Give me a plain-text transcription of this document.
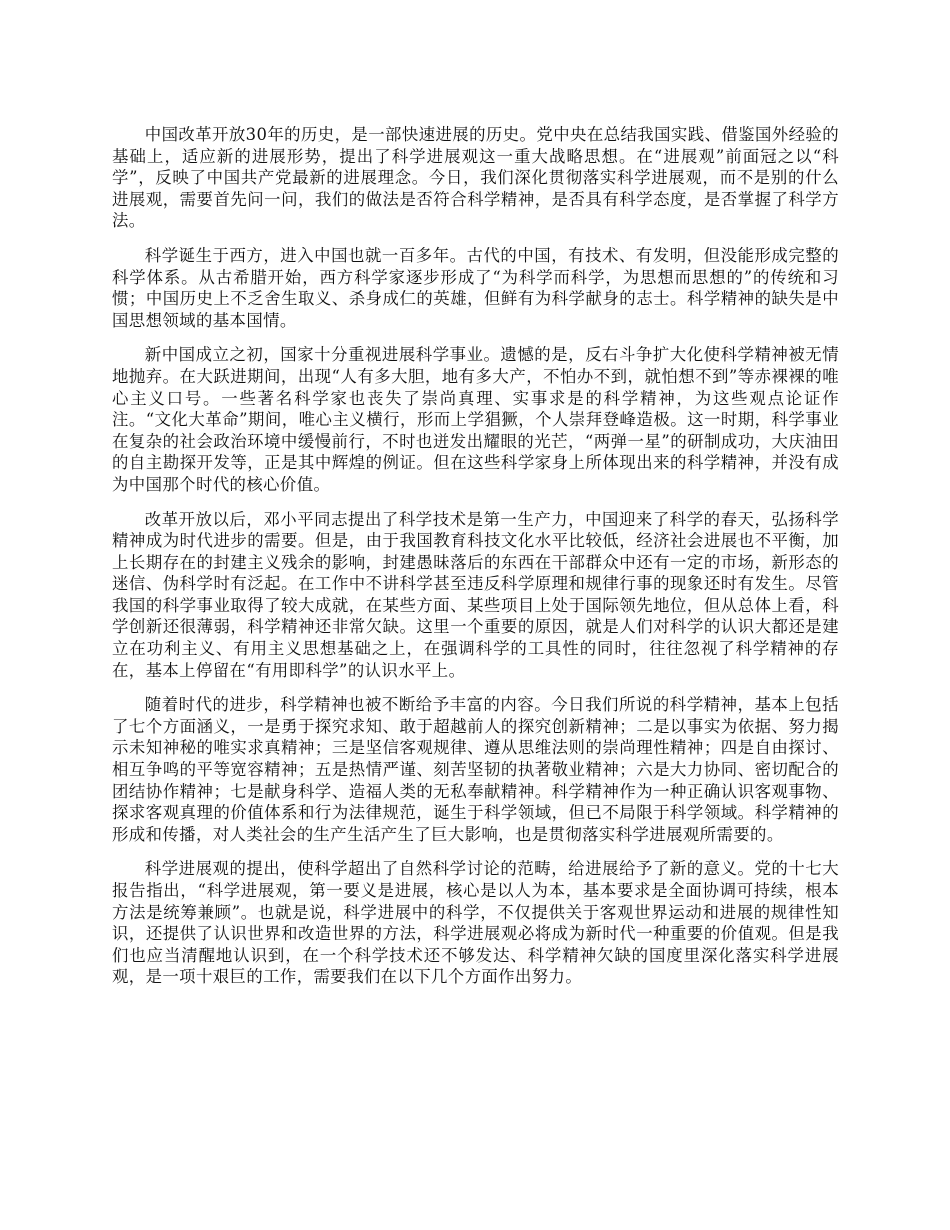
中国改革开放30年的历史，是一部快速进展的历史。党中央在总结我国实践、借鉴国外经验的基础上，适应新的进展形势，提出了科学进展观这一重大战略思想。在“进展观”前面冠之以“科学”，反映了中国共产党最新的进展理念。今日，我们深化贯彻落实科学进展观，而不是别的什么进展观，需要首先问一问，我们的做法是否符合科学精神，是否具有科学态度，是否掌握了科学方法。

科学诞生于西方，进入中国也就一百多年。古代的中国，有技术、有发明，但没能形成完整的科学体系。从古希腊开始，西方科学家逐步形成了“为科学而科学，为思想而思想的”的传统和习惯；中国历史上不乏舍生取义、杀身成仁的英雄，但鲜有为科学献身的志士。科学精神的缺失是中国思想领域的基本国情。

新中国成立之初，国家十分重视进展科学事业。遗憾的是，反右斗争扩大化使科学精神被无情地抛弃。在大跃进期间，出现“人有多大胆，地有多大产，不怕办不到，就怕想不到”等赤裸裸的唯心主义口号。一些著名科学家也丧失了崇尚真理、实事求是的科学精神，为这些观点论证作注。“文化大革命”期间，唯心主义横行，形而上学猖獗，个人崇拜登峰造极。这一时期，科学事业在复杂的社会政治环境中缓慢前行，不时也迸发出耀眼的光芒，“两弹一星”的研制成功，大庆油田的自主勘探开发等，正是其中辉煌的例证。但在这些科学家身上所体现出来的科学精神，并没有成为中国那个时代的核心价值。

改革开放以后，邓小平同志提出了科学技术是第一生产力，中国迎来了科学的春天，弘扬科学精神成为时代进步的需要。但是，由于我国教育科技文化水平比较低，经济社会进展也不平衡，加上长期存在的封建主义残余的影响，封建愚昧落后的东西在干部群众中还有一定的市场，新形态的迷信、伪科学时有泛起。在工作中不讲科学甚至违反科学原理和规律行事的现象还时有发生。尽管我国的科学事业取得了较大成就，在某些方面、某些项目上处于国际领先地位，但从总体上看，科学创新还很薄弱，科学精神还非常欠缺。这里一个重要的原因，就是人们对科学的认识大都还是建立在功利主义、有用主义思想基础之上，在强调科学的工具性的同时，往往忽视了科学精神的存在，基本上停留在“有用即科学”的认识水平上。

随着时代的进步，科学精神也被不断给予丰富的内容。今日我们所说的科学精神，基本上包括了七个方面涵义，一是勇于探究求知、敢于超越前人的探究创新精神；二是以事实为依据、努力揭示未知神秘的唯实求真精神；三是坚信客观规律、遵从思维法则的崇尚理性精神；四是自由探讨、相互争鸣的平等宽容精神；五是热情严谨、刻苦坚韧的执著敬业精神；六是大力协同、密切配合的团结协作精神；七是献身科学、造福人类的无私奉献精神。科学精神作为一种正确认识客观事物、探求客观真理的价值体系和行为法律规范，诞生于科学领域，但已不局限于科学领域。科学精神的形成和传播，对人类社会的生产生活产生了巨大影响，也是贯彻落实科学进展观所需要的。

科学进展观的提出，使科学超出了自然科学讨论的范畴，给进展给予了新的意义。党的十七大报告指出，“科学进展观，第一要义是进展，核心是以人为本，基本要求是全面协调可持续，根本方法是统筹兼顾”。也就是说，科学进展中的科学，不仅提供关于客观世界运动和进展的规律性知识，还提供了认识世界和改造世界的方法，科学进展观必将成为新时代一种重要的价值观。但是我们也应当清醒地认识到，在一个科学技术还不够发达、科学精神欠缺的国度里深化落实科学进展观，是一项十艰巨的工作，需要我们在以下几个方面作出努力。
